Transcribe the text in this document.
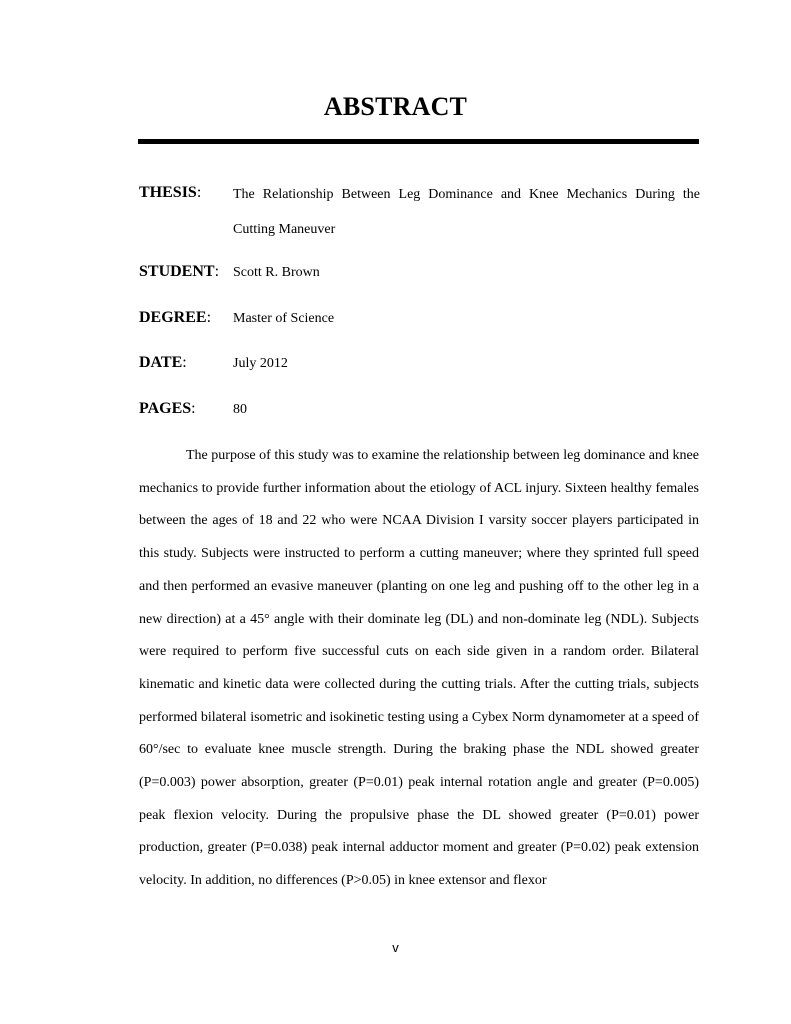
ABSTRACT
THESIS: The Relationship Between Leg Dominance and Knee Mechanics During the Cutting Maneuver
STUDENT: Scott R. Brown
DEGREE: Master of Science
DATE:	July 2012
PAGES:	80

The purpose of this study was to examine the relationship between leg dominance and knee mechanics to provide further information about the etiology of ACL injury. Sixteen healthy females between the ages of 18 and 22 who were NCAA Division I varsity soccer players participated in this study. Subjects were instructed to perform a cutting maneuver; where they sprinted full speed and then performed an evasive maneuver (planting on one leg and pushing off to the other leg in a new direction) at a 45° angle with their dominate leg (DL) and non-dominate leg (NDL). Subjects were required to perform five successful cuts on each side given in a random order. Bilateral kinematic and kinetic data were collected during the cutting trials. After the cutting trials, subjects performed bilateral isometric and isokinetic testing using a Cybex Norm dynamometer at a speed of 60°/sec to evaluate knee muscle strength. During the braking phase the NDL showed greater (P=0.003) power absorption, greater (P=0.01) peak internal rotation angle and greater (P=0.005) peak flexion velocity. During the propulsive phase the DL showed greater (P=0.01) power production, greater (P=0.038) peak internal adductor moment and greater (P=0.02) peak extension velocity. In addition, no differences (P>0.05) in knee extensor and flexor

v
